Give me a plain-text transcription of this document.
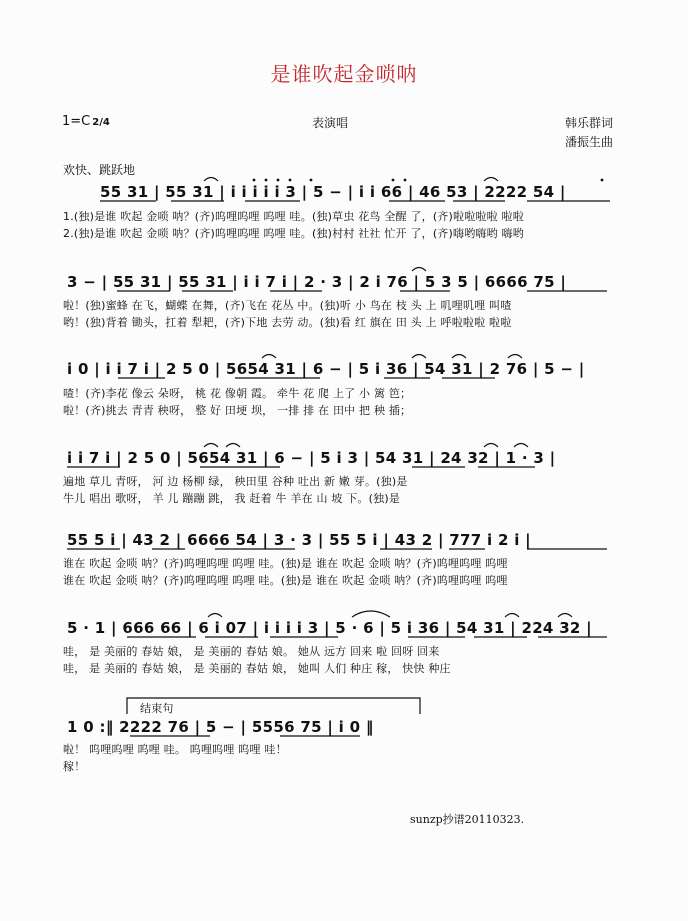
是谁吹起金唢呐
1=C 2/4	表演唱	韩乐群词
潘振生曲
欢快、跳跃地
55 31 | 55 31 | i i i i i 3 | 5 − | i i 66 | 46 53 | 2222 54 |
1.(独)是谁 吹起 金唢 呐？(齐)呜哩呜哩 呜哩 哇。(独)草虫 花鸟 全醒 了，(齐)啦啦啦啦 啦啦
2.(独)是谁 吹起 金唢 呐？(齐)呜哩呜哩 呜哩 哇。(独)村村 社社 忙开 了，(齐)嗨哟嗨哟 嗨哟
3 − | 55 31 | 55 31 | i i 7 i | 2 · 3 | 2 i 76 | 5 3 5 | 6666 75 |
啦！(独)蜜蜂 在飞，蝴蝶 在舞，(齐)飞在 花丛 中。(独)听 小 鸟在 枝 头 上 叽哩叽哩 叫喳
哟！(独)背着 锄头，扛着 犁耙，(齐)下地 去劳 动。(独)看 红 旗在 田 头 上 呼啦啦啦 啦啦
i 0 | i i 7 i | 2 5 0 | 5654 31 | 6 − | 5 i 36 | 54 31 | 2 76 | 5 − |
喳！(齐)李花 像云 朵呀， 桃 花 像朝 霞。 牵牛 花 爬 上了 小 篱 笆；
啦！(齐)挑去 青青 秧呀， 整 好 田埂 坝， 一排 排 在 田中 把 秧 插；
i i 7 i | 2 5 0 | 5654 31 | 6 − | 5 i 3 | 54 31 | 24 32 | 1 · 3 |
遍地 草儿 青呀， 河 边 杨柳 绿， 秧田里 谷种 吐出 新 嫩 芽。(独)是
牛儿 唱出 歌呀， 羊 儿 蹦蹦 跳， 我 赶着 牛 羊在 山 坡 下。(独)是
55 5 i | 43 2 | 6666 54 | 3 · 3 | 55 5 i | 43 2 | 777 i 2 i |
谁在 吹起 金唢 呐？(齐)呜哩呜哩 呜哩 哇。(独)是 谁在 吹起 金唢 呐？(齐)呜哩呜哩 呜哩
谁在 吹起 金唢 呐？(齐)呜哩呜哩 呜哩 哇。(独)是 谁在 吹起 金唢 呐？(齐)呜哩呜哩 呜哩
5 · 1 | 666 66 | 6 i 07 | i i i i 3 | 5 · 6 | 5 i 36 | 54 31 | 224 32 |
哇， 是 美丽的 春姑 娘， 是 美丽的 春姑 娘。 她从 远方 回来 啦 回呀 回来
哇， 是 美丽的 春姑 娘， 是 美丽的 春姑 娘， 她叫 人们 种庄 稼， 快快 种庄
结束句
1 0 :‖ 2222 76 | 5 − | 5556 75 | i 0 ‖
啦！ 呜哩呜哩 呜哩 哇。 呜哩呜哩 呜哩 哇！
稼！
sunzp抄谱20110323.
